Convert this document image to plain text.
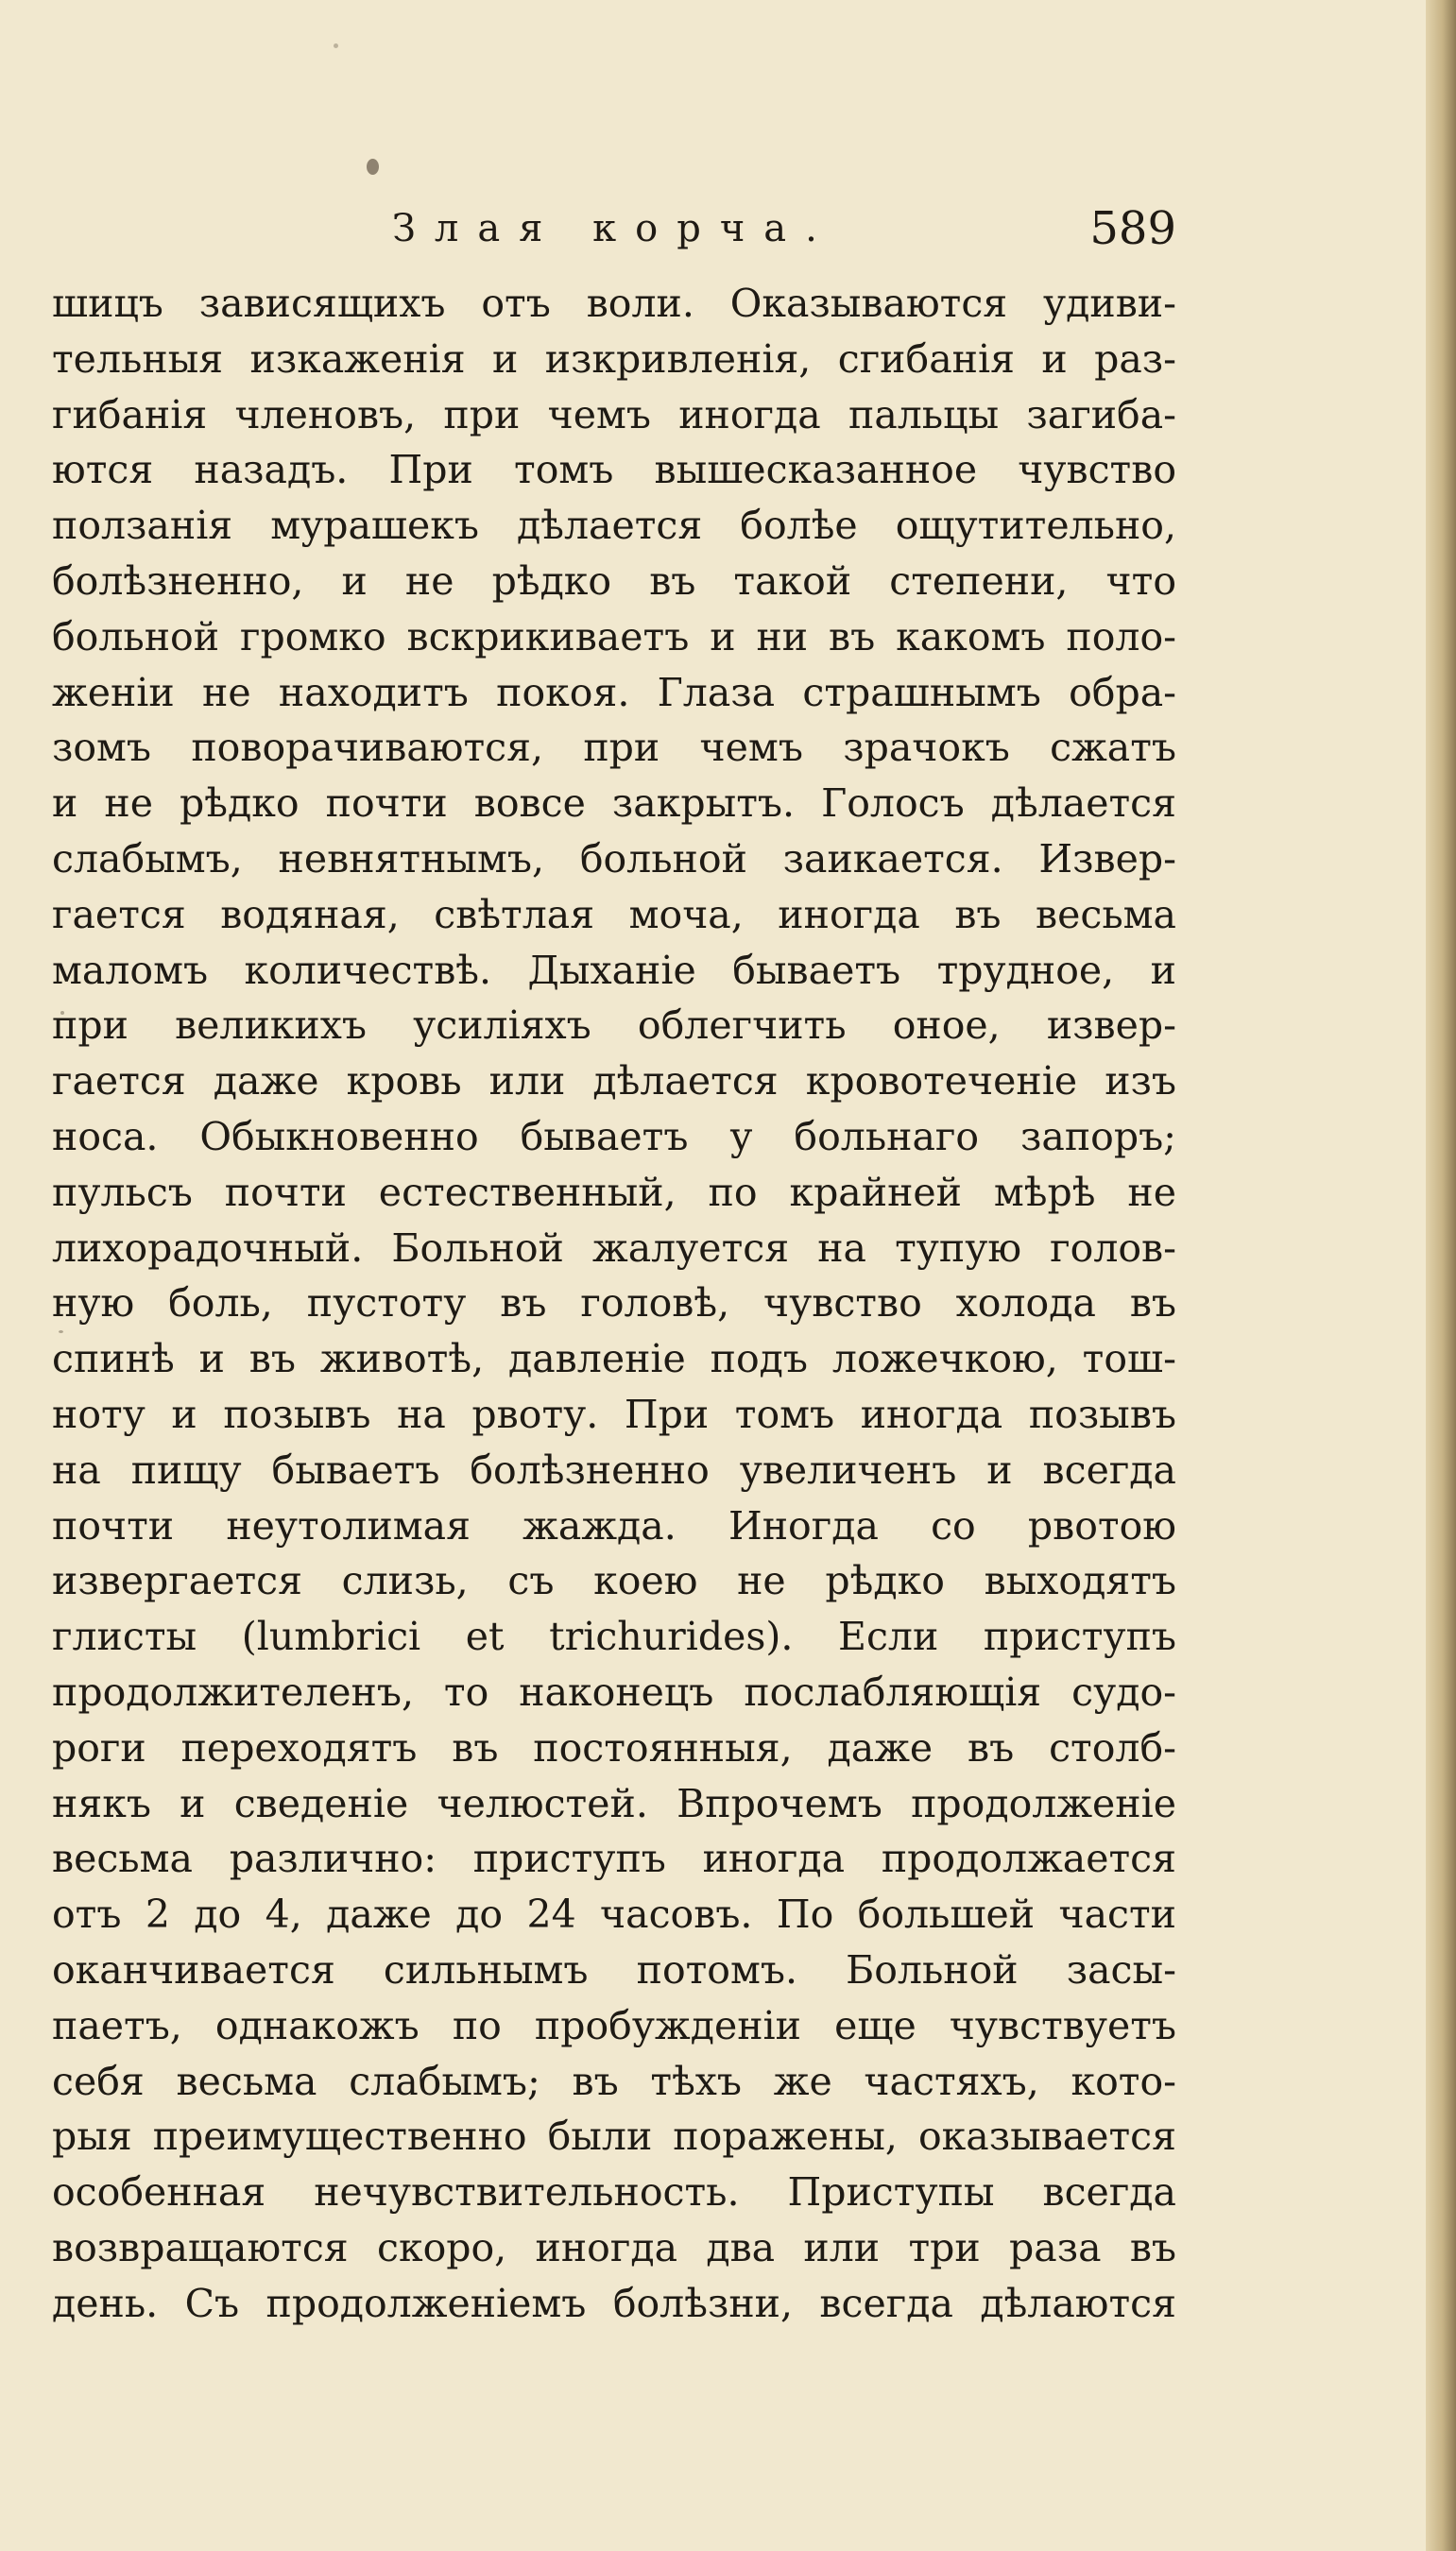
Злая корча.	589
шицъ зависящихъ отъ воли. Оказываются удиви-
тельныя изкаженія и изкривленія, сгибанія и раз-
гибанія членовъ, при чемъ иногда пальцы загиба-
ются назадъ. При томъ вышесказанное чувство
ползанія мурашекъ дѣлается болѣе ощутительно,
болѣзненно, и не рѣдко въ такой степени, что
больной громко вскрикиваетъ и ни въ какомъ поло-
женіи не находитъ покоя. Глаза страшнымъ обра-
зомъ поворачиваются, при чемъ зрачокъ сжатъ
и не рѣдко почти вовсе закрытъ. Голосъ дѣлается
слабымъ, невнятнымъ, больной заикается. Извер-
гается водяная, свѣтлая моча, иногда въ весьма
маломъ количествѣ. Дыханіе бываетъ трудное, и
при великихъ усиліяхъ облегчить оное, извер-
гается даже кровь или дѣлается кровотеченіе изъ
носа. Обыкновенно бываетъ у больнаго запоръ;
пульсъ почти естественный, по крайней мѣрѣ не
лихорадочный. Больной жалуется на тупую голов-
ную боль, пустоту въ головѣ, чувство холода въ
спинѣ и въ животѣ, давленіе подъ ложечкою, тош-
ноту и позывъ на рвоту. При томъ иногда позывъ
на пищу бываетъ болѣзненно увеличенъ и всегда
почти неутолимая жажда. Иногда со рвотою
извергается слизь, съ коею не рѣдко выходятъ
глисты (lumbrici et trichurides). Если приступъ
продолжителенъ, то наконецъ послабляющія судо-
роги переходятъ въ постоянныя, даже въ столб-
някъ и сведеніе челюстей. Впрочемъ продолженіе
весьма различно: приступъ иногда продолжается
отъ 2 до 4, даже до 24 часовъ. По большей части
оканчивается сильнымъ потомъ. Больной засы-
паетъ, однакожъ по пробужденіи еще чувствуетъ
себя весьма слабымъ; въ тѣхъ же частяхъ, кото-
рыя преимущественно были поражены, оказывается
особенная нечувствительность. Приступы всегда
возвращаются скоро, иногда два или три раза въ
день. Съ продолженіемъ болѣзни, всегда дѣлаются
